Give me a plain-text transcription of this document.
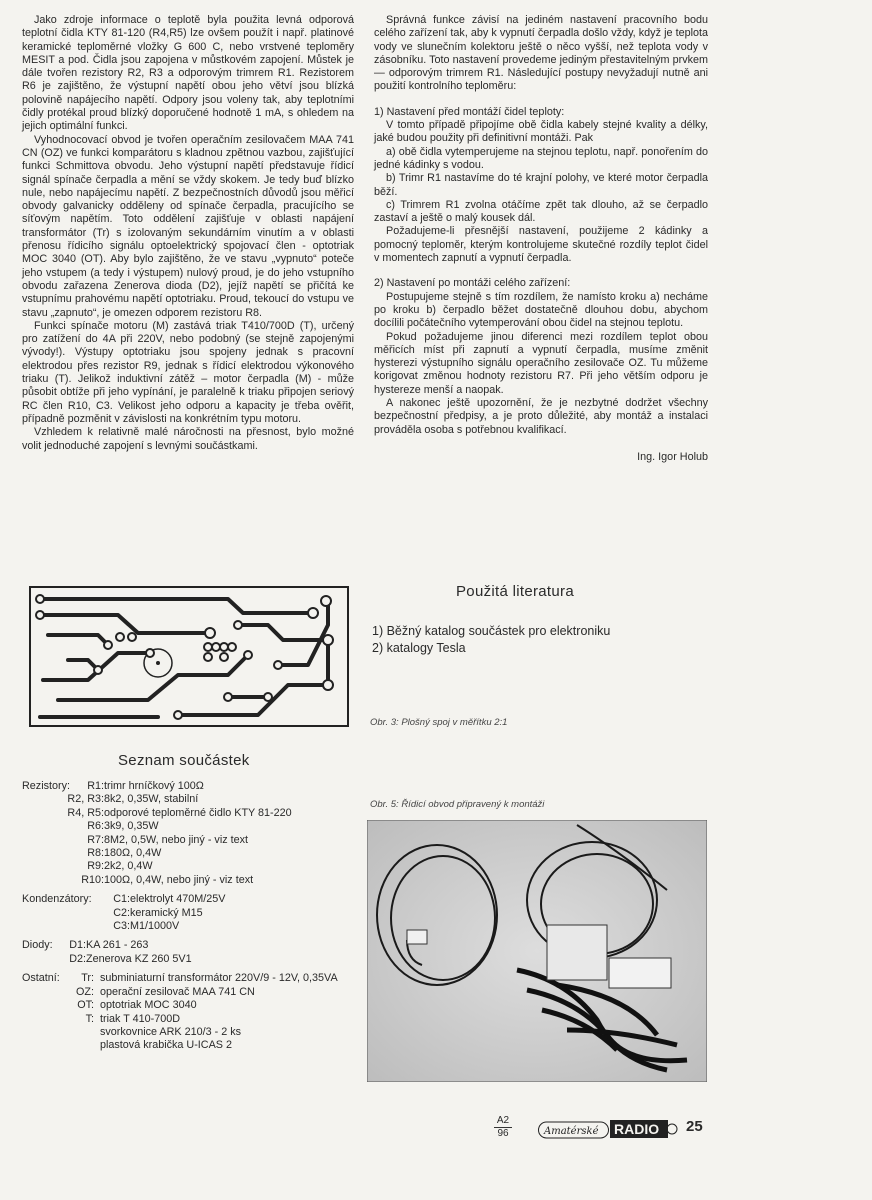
Jako zdroje informace o teplotě byla použita levná odporová teplotní čidla KTY 81-120 (R4,R5) lze ovšem použít i např. platinové keramické teploměrné vložky G 600 C, nebo vrstvené teploměry MESIT a pod. Čidla jsou zapojena v můstkovém zapojení. Můstek je dále tvořen rezistory R2, R3 a odporovým trimrem R1. Rezistorem R6 je zajištěno, že výstupní napětí obou jeho větví jsou blízká polovině napájecího napětí. Odpory jsou voleny tak, aby teplotními čidly protékal proud blízký doporučené hodnotě 1 mA, s ohledem na jejich optimální funkci.

Vyhodnocovací obvod je tvořen operačním zesilovačem MAA 741 CN (OZ) ve funkci komparátoru s kladnou zpětnou vazbou, zajišťující funkci Schmittova obvodu. Jeho výstupní napětí představuje řídicí signál spínače čerpadla a mění se vždy skokem. Je tedy buď blízko nule, nebo napájecímu napětí. Z bezpečnostních důvodů jsou měřicí obvody galvanicky odděleny od spínače čerpadla, pracujícího se síťovým napětím. Toto oddělení zajišťuje v oblasti napájení transformátor (Tr) s izolovaným sekundárním vinutím a v oblasti přenosu řídicího signálu optoelektrický spojovací člen - optotriak MOC 3040 (OT). Aby bylo zajištěno, že ve stavu „vypnuto“ poteče jeho vstupem (a tedy i výstupem) nulový proud, je do jeho vstupního obvodu zařazena Zenerova dioda (D2), jejíž napětí se přičítá ke vstupnímu prahovému napětí optotriaku. Proud, tekoucí do vstupu ve stavu „zapnuto“, je omezen odporem rezistoru R8.

Funkci spínače motoru (M) zastává triak T410/700D (T), určený pro zatížení do 4A při 220V, nebo podobný (se stejně zapojenými vývody!). Výstupy optotriaku jsou spojeny jednak s pracovní elektrodou přes rezistor R9, jednak s řídicí elektrodou výkonového triaku (T). Jelikož induktivní zátěž – motor čerpadla (M) - může působit obtíže při jeho vypínání, je paralelně k triaku připojen seriový RC člen R10, C3. Velikost jeho odporu a kapacity je třeba ověřit, případně pozměnit v závislosti na konkrétním typu motoru.

Vzhledem k relativně malé náročnosti na přesnost, bylo možné volit jednoduché zapojení s levnými součástkami.

Správná funkce závisí na jediném nastavení pracovního bodu celého zařízení tak, aby k vypnutí čerpadla došlo vždy, když je teplota vody ve slunečním kolektoru ještě o něco vyšší, než teplota vody v zásobníku. Toto nastavení provedeme jediným přestavitelným prvkem — odporovým trimrem R1. Následující postupy nevyžadují nutně ani použití kontrolního teploměru:

1) Nastavení před montáží čidel teploty:

V tomto případě připojíme obě čidla kabely stejné kvality a délky, jaké budou použity při definitivní montáži. Pak

a) obě čidla vytemperujeme na stejnou teplotu, např. ponořením do jedné kádinky s vodou.

b) Trimr R1 nastavíme do té krajní polohy, ve které motor čerpadla běží.

c) Trimrem R1 zvolna otáčíme zpět tak dlouho, až se čerpadlo zastaví a ještě o malý kousek dál.

Požadujeme-li přesnější nastavení, použijeme 2 kádinky a pomocný teploměr, kterým kontrolujeme skutečné rozdíly teplot čidel v momentech zapnutí a vypnutí čerpadla.

2) Nastavení po montáži celého zařízení:

Postupujeme stejně s tím rozdílem, že namísto kroku a) necháme po kroku b) čerpadlo běžet dostatečně dlouhou dobu, abychom docílili počátečního vytemperování obou čidel na stejnou teplotu.

Pokud požadujeme jinou diferenci mezi rozdílem teplot obou měřicích míst při zapnutí a vypnutí čerpadla, musíme změnit hysterezi výstupního signálu operačního zesilovače OZ. Tu můžeme korigovat změnou hodnoty rezistoru R7. Při jeho větším odporu je hystereze menší a naopak.

A nakonec ještě upozornění, že je nezbytné dodržet všechny bezpečnostní předpisy, a je proto důležité, aby montáž a instalaci prováděla osoba s potřebnou kvalifikací.

Ing. Igor Holub
Seznam součástek
Rezistory:	R1: trimr hrníčkový 100Ω
R2, R3: 8k2, 0,35W, stabilní
R4, R5: odporové teploměrné čidlo KTY 81-220
R6: 3k9, 0,35W
R7: 8M2, 0,5W, nebo jiný - viz text
R8: 180Ω, 0,4W
R9: 2k2, 0,4W
R10: 100Ω, 0,4W, nebo jiný - viz text
Kondenzátory:	C1: elektrolyt 470M/25V
C2: keramický M15
C3: M1/1000V
Diody:	D1: KA 261 - 263
D2: Zenerova KZ 260 5V1
Ostatní:	Tr: subminiaturní transformátor 220V/9 - 12V, 0,35VA
OZ: operační zesilovač MAA 741 CN
OT: optotriak MOC 3040
T: triak T 410-700D
svorkovnice ARK 210/3 - 2 ks
plastová krabička U-ICAS 2
Použitá literatura
1) Běžný katalog součástek pro elektroniku
2) katalogy Tesla
Obr. 3: Plošný spoj v měřítku 2:1
Obr. 5: Řídicí obvod připravený k montáži
A2
96	Amatérské RADIO 25
